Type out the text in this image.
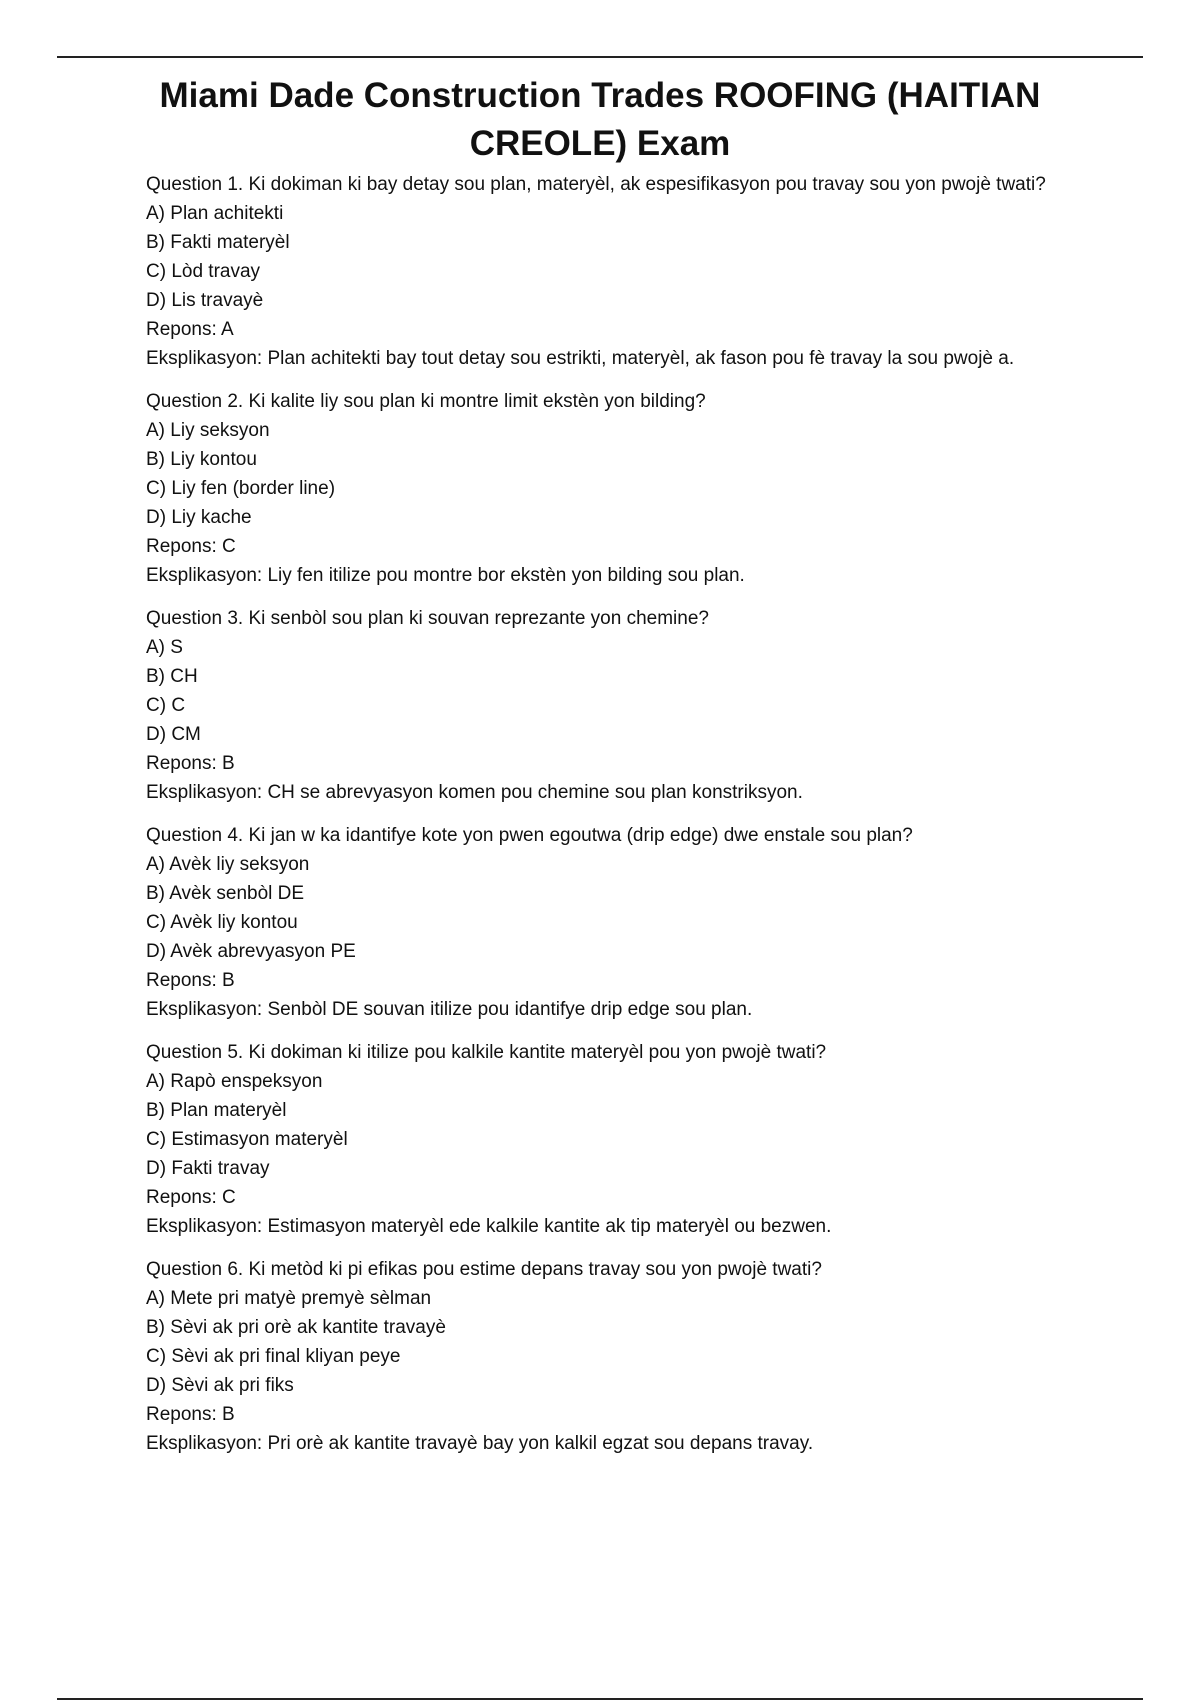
Miami Dade Construction Trades ROOFING (HAITIAN CREOLE) Exam

Question 1. Ki dokiman ki bay detay sou plan, materyèl, ak espesifikasyon pou travay sou yon pwojè twati?

A) Plan achitekti

B) Fakti materyèl

C) Lòd travay

D) Lis travayè

Repons: A

Eksplikasyon: Plan achitekti bay tout detay sou estrikti, materyèl, ak fason pou fè travay la sou pwojè a.

Question 2. Ki kalite liy sou plan ki montre limit ekstèn yon bilding?

A) Liy seksyon

B) Liy kontou

C) Liy fen (border line)

D) Liy kache

Repons: C

Eksplikasyon: Liy fen itilize pou montre bor ekstèn yon bilding sou plan.

Question 3. Ki senbòl sou plan ki souvan reprezante yon chemine?

A) S

B) CH

C) C

D) CM

Repons: B

Eksplikasyon: CH se abrevyasyon komen pou chemine sou plan konstriksyon.

Question 4. Ki jan w ka idantifye kote yon pwen egoutwa (drip edge) dwe enstale sou plan?

A) Avèk liy seksyon

B) Avèk senbòl DE

C) Avèk liy kontou

D) Avèk abrevyasyon PE

Repons: B

Eksplikasyon: Senbòl DE souvan itilize pou idantifye drip edge sou plan.

Question 5. Ki dokiman ki itilize pou kalkile kantite materyèl pou yon pwojè twati?

A) Rapò enspeksyon

B) Plan materyèl

C) Estimasyon materyèl

D) Fakti travay

Repons: C

Eksplikasyon: Estimasyon materyèl ede kalkile kantite ak tip materyèl ou bezwen.

Question 6. Ki metòd ki pi efikas pou estime depans travay sou yon pwojè twati?

A) Mete pri matyè premyè sèlman

B) Sèvi ak pri orè ak kantite travayè

C) Sèvi ak pri final kliyan peye

D) Sèvi ak pri fiks

Repons: B

Eksplikasyon: Pri orè ak kantite travayè bay yon kalkil egzat sou depans travay.
